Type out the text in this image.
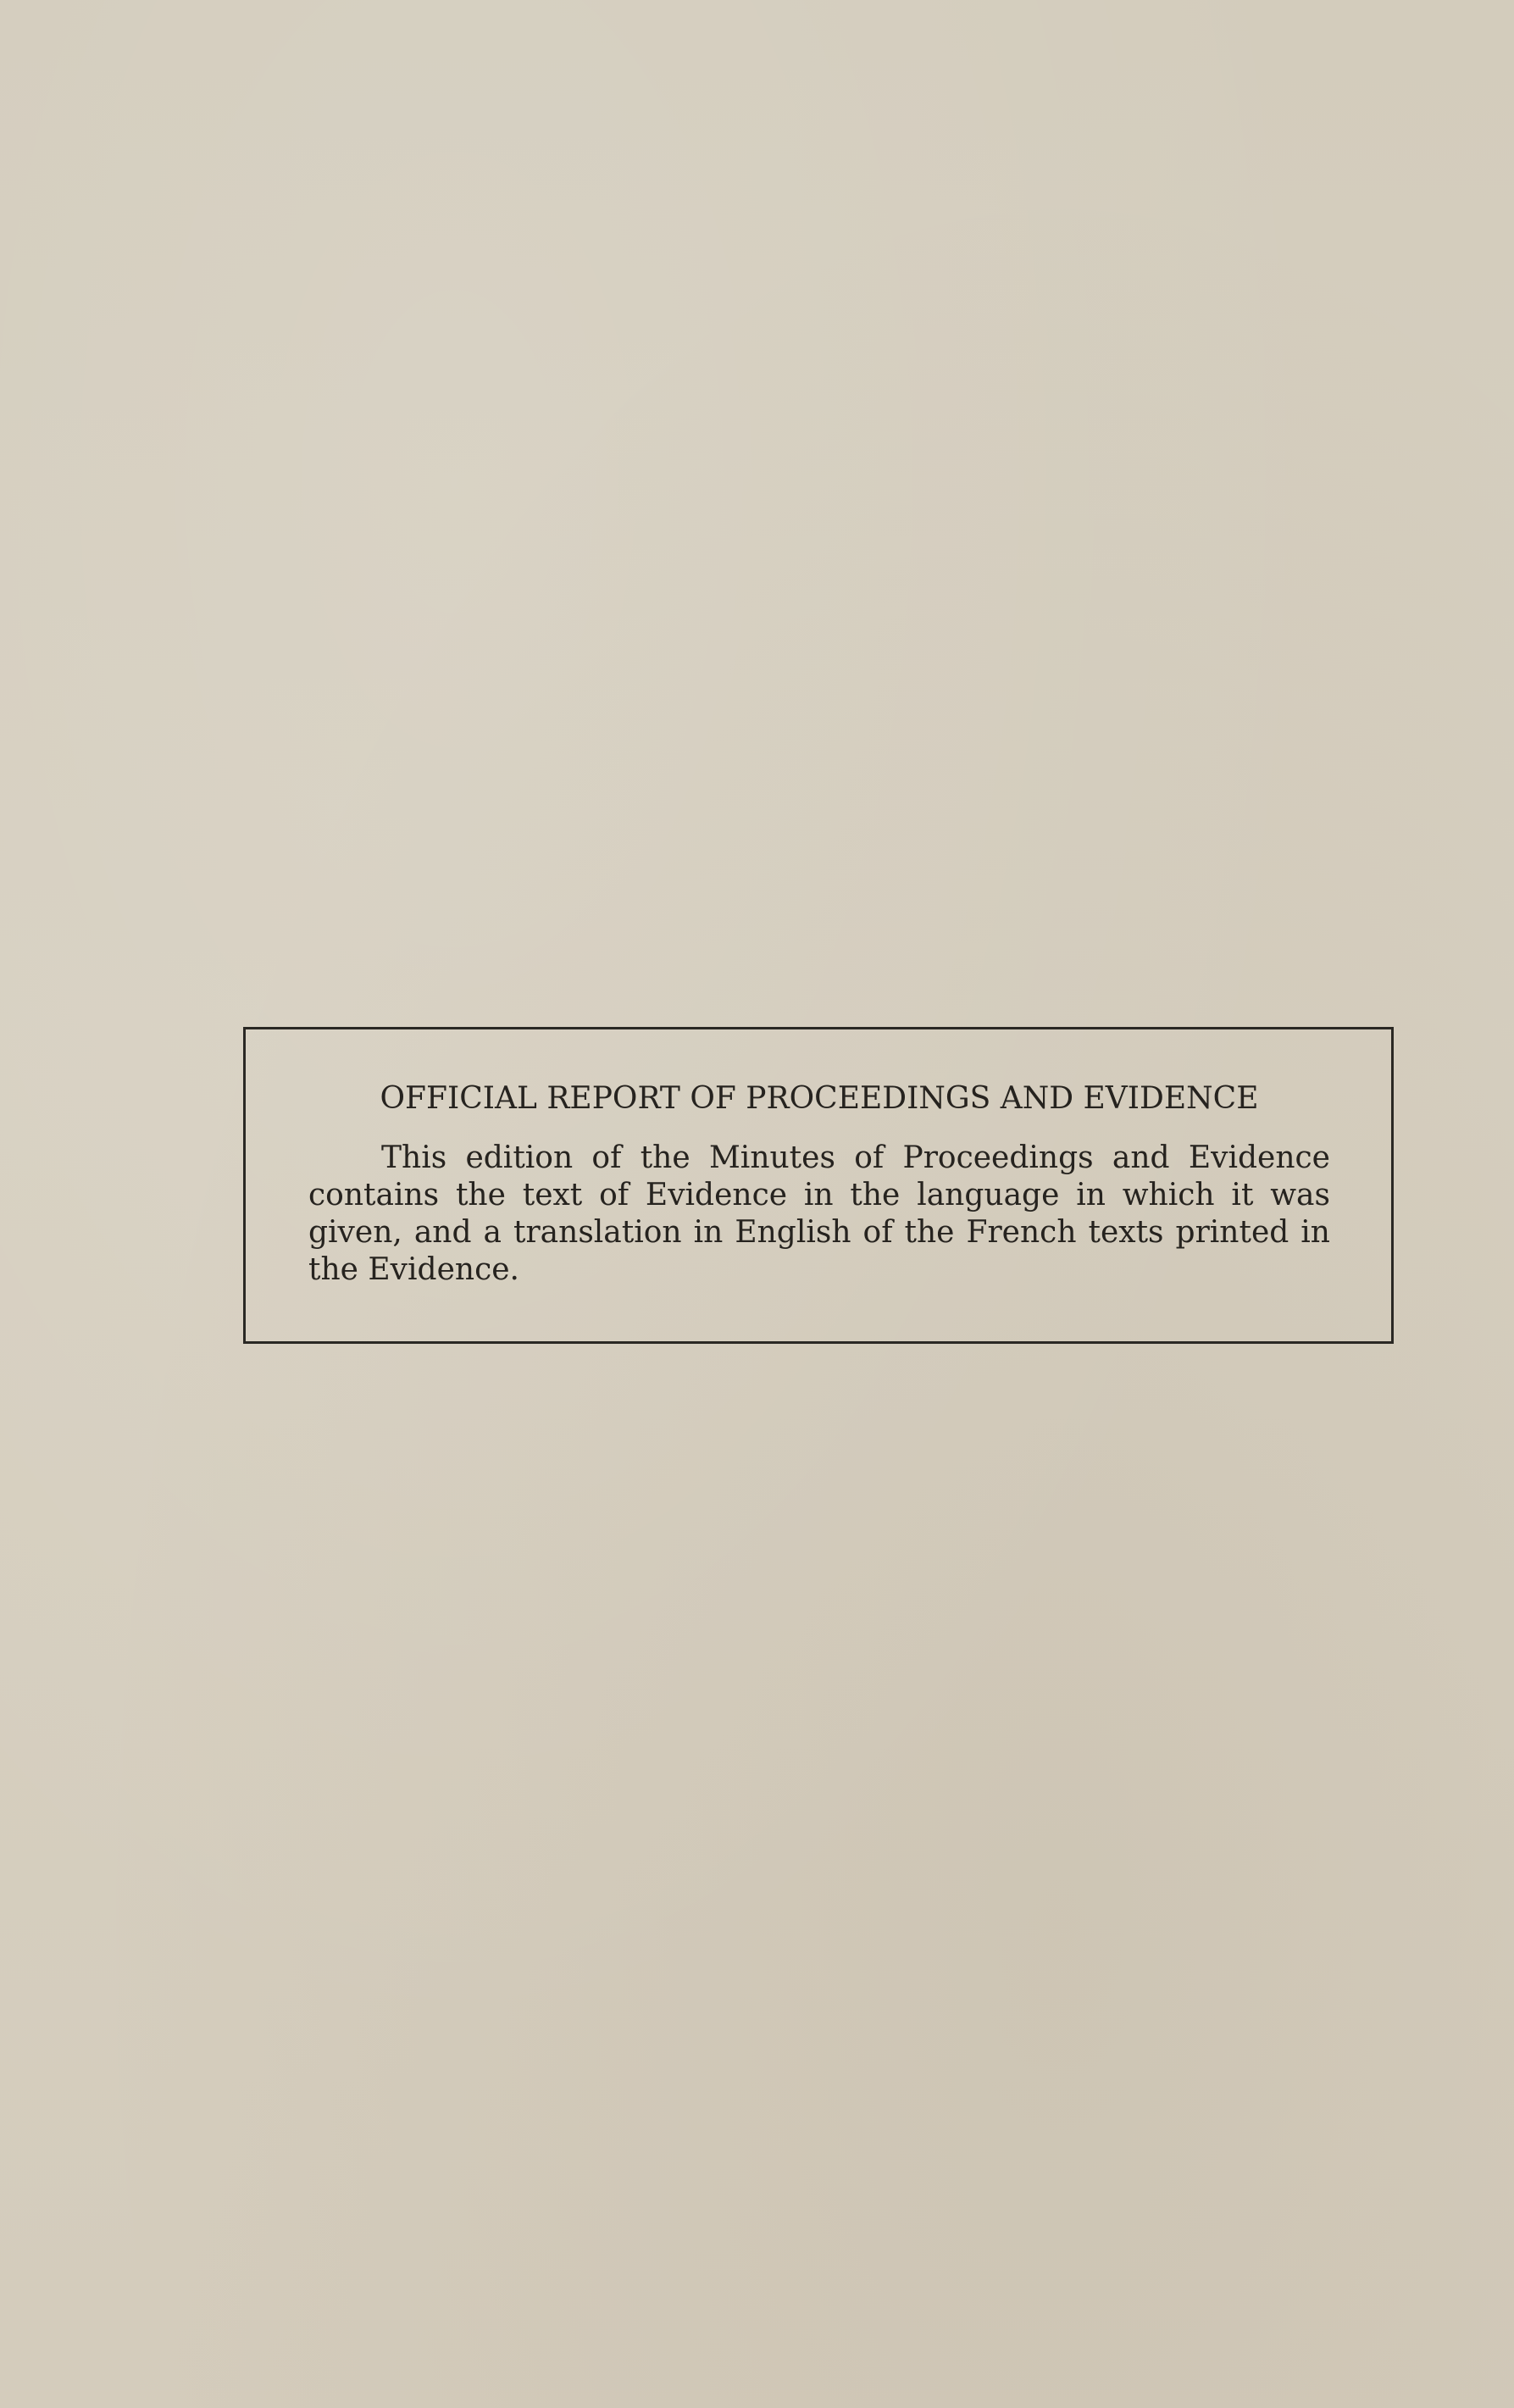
OFFICIAL REPORT OF PROCEEDINGS AND EVIDENCE

This edition of the Minutes of Proceedings and Evidence contains the text of Evidence in the language in which it was given, and a translation in English of the French texts printed in the Evidence.
